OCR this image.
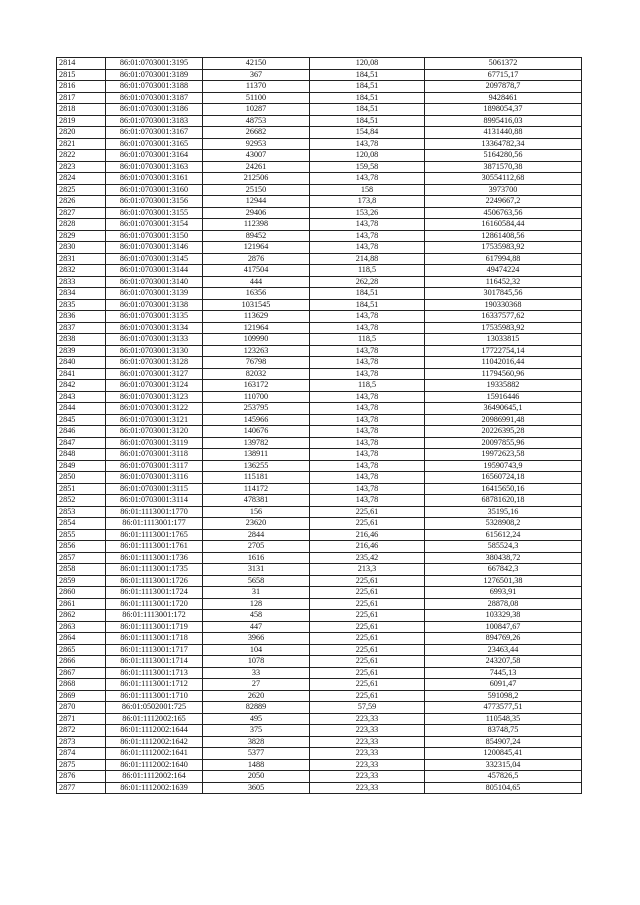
2814	86:01:0703001:3195	42150	120,08	5061372
2815	86:01:0703001:3189	367	184,51	67715,17
2816	86:01:0703001:3188	11370	184,51	2097878,7
2817	86:01:0703001:3187	51100	184,51	9428461
2818	86:01:0703001:3186	10287	184,51	1898054,37
2819	86:01:0703001:3183	48753	184,51	8995416,03
2820	86:01:0703001:3167	26682	154,84	4131440,88
2821	86:01:0703001:3165	92953	143,78	13364782,34
2822	86:01:0703001:3164	43007	120,08	5164280,56
2823	86:01:0703001:3163	24261	159,58	3871570,38
2824	86:01:0703001:3161	212506	143,78	30554112,68
2825	86:01:0703001:3160	25150	158	3973700
2826	86:01:0703001:3156	12944	173,8	2249667,2
2827	86:01:0703001:3155	29406	153,26	4506763,56
2828	86:01:0703001:3154	112398	143,78	16160584,44
2829	86:01:0703001:3150	89452	143,78	12861408,56
2830	86:01:0703001:3146	121964	143,78	17535983,92
2831	86:01:0703001:3145	2876	214,88	617994,88
2832	86:01:0703001:3144	417504	118,5	49474224
2833	86:01:0703001:3140	444	262,28	116452,32
2834	86:01:0703001:3139	16356	184,51	3017845,56
2835	86:01:0703001:3138	1031545	184,51	190330368
2836	86:01:0703001:3135	113629	143,78	16337577,62
2837	86:01:0703001:3134	121964	143,78	17535983,92
2838	86:01:0703001:3133	109990	118,5	13033815
2839	86:01:0703001:3130	123263	143,78	17722754,14
2840	86:01:0703001:3128	76798	143,78	11042016,44
2841	86:01:0703001:3127	82032	143,78	11794560,96
2842	86:01:0703001:3124	163172	118,5	19335882
2843	86:01:0703001:3123	110700	143,78	15916446
2844	86:01:0703001:3122	253795	143,78	36490645,1
2845	86:01:0703001:3121	145966	143,78	20986991,48
2846	86:01:0703001:3120	140676	143,78	20226395,28
2847	86:01:0703001:3119	139782	143,78	20097855,96
2848	86:01:0703001:3118	138911	143,78	19972623,58
2849	86:01:0703001:3117	136255	143,78	19590743,9
2850	86:01:0703001:3116	115181	143,78	16560724,18
2851	86:01:0703001:3115	114172	143,78	16415650,16
2852	86:01:0703001:3114	478381	143,78	68781620,18
2853	86:01:1113001:1770	156	225,61	35195,16
2854	86:01:1113001:177	23620	225,61	5328908,2
2855	86:01:1113001:1765	2844	216,46	615612,24
2856	86:01:1113001:1761	2705	216,46	585524,3
2857	86:01:1113001:1736	1616	235,42	380438,72
2858	86:01:1113001:1735	3131	213,3	667842,3
2859	86:01:1113001:1726	5658	225,61	1276501,38
2860	86:01:1113001:1724	31	225,61	6993,91
2861	86:01:1113001:1720	128	225,61	28878,08
2862	86:01:1113001:172	458	225,61	103329,38
2863	86:01:1113001:1719	447	225,61	100847,67
2864	86:01:1113001:1718	3966	225,61	894769,26
2865	86:01:1113001:1717	104	225,61	23463,44
2866	86:01:1113001:1714	1078	225,61	243207,58
2867	86:01:1113001:1713	33	225,61	7445,13
2868	86:01:1113001:1712	27	225,61	6091,47
2869	86:01:1113001:1710	2620	225,61	591098,2
2870	86:01:0502001:725	82889	57,59	4773577,51
2871	86:01:1112002:165	495	223,33	110548,35
2872	86:01:1112002:1644	375	223,33	83748,75
2873	86:01:1112002:1642	3828	223,33	854907,24
2874	86:01:1112002:1641	5377	223,33	1200845,41
2875	86:01:1112002:1640	1488	223,33	332315,04
2876	86:01:1112002:164	2050	223,33	457826,5
2877	86:01:1112002:1639	3605	223,33	805104,65
